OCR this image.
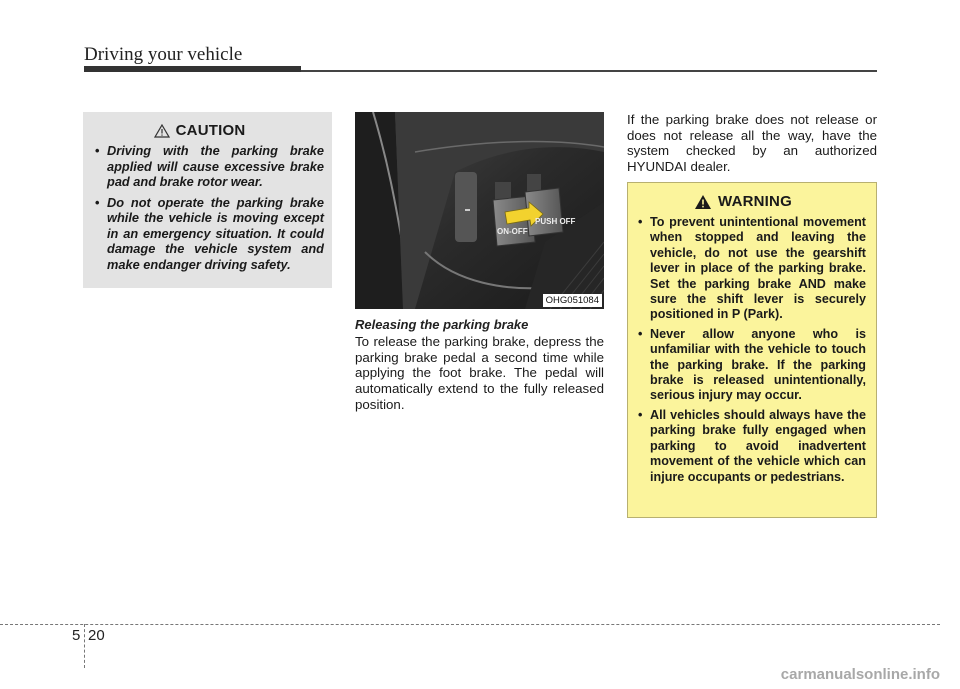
Driving your vehicle
CAUTION
• Driving with the parking brake applied will cause excessive brake pad and brake rotor wear.
• Do not operate the parking brake while the vehicle is moving except in an emergency situation. It could damage the vehicle system and make endanger driving safety.
ON-OFF
PUSH OFF
OHG051084
Releasing the parking brake

To release the parking brake, depress the parking brake pedal a second time while applying the foot brake. The pedal will automatically extend to the fully released position.

If the parking brake does not release or does not release all the way, have the system checked by an authorized HYUNDAI dealer.

WARNING
• To prevent unintentional movement when stopped and leaving the vehicle, do not use the gearshift lever in place of the parking brake. Set the parking brake AND make sure the shift lever is securely positioned in P (Park).
• Never allow anyone who is unfamiliar with the vehicle to touch the parking brake. If the parking brake is released unintentionally, serious injury may occur.
• All vehicles should always have the parking brake fully engaged when parking to avoid inadvertent movement of the vehicle which can injure occupants or pedestrians.
5 20
carmanualsonline.info
